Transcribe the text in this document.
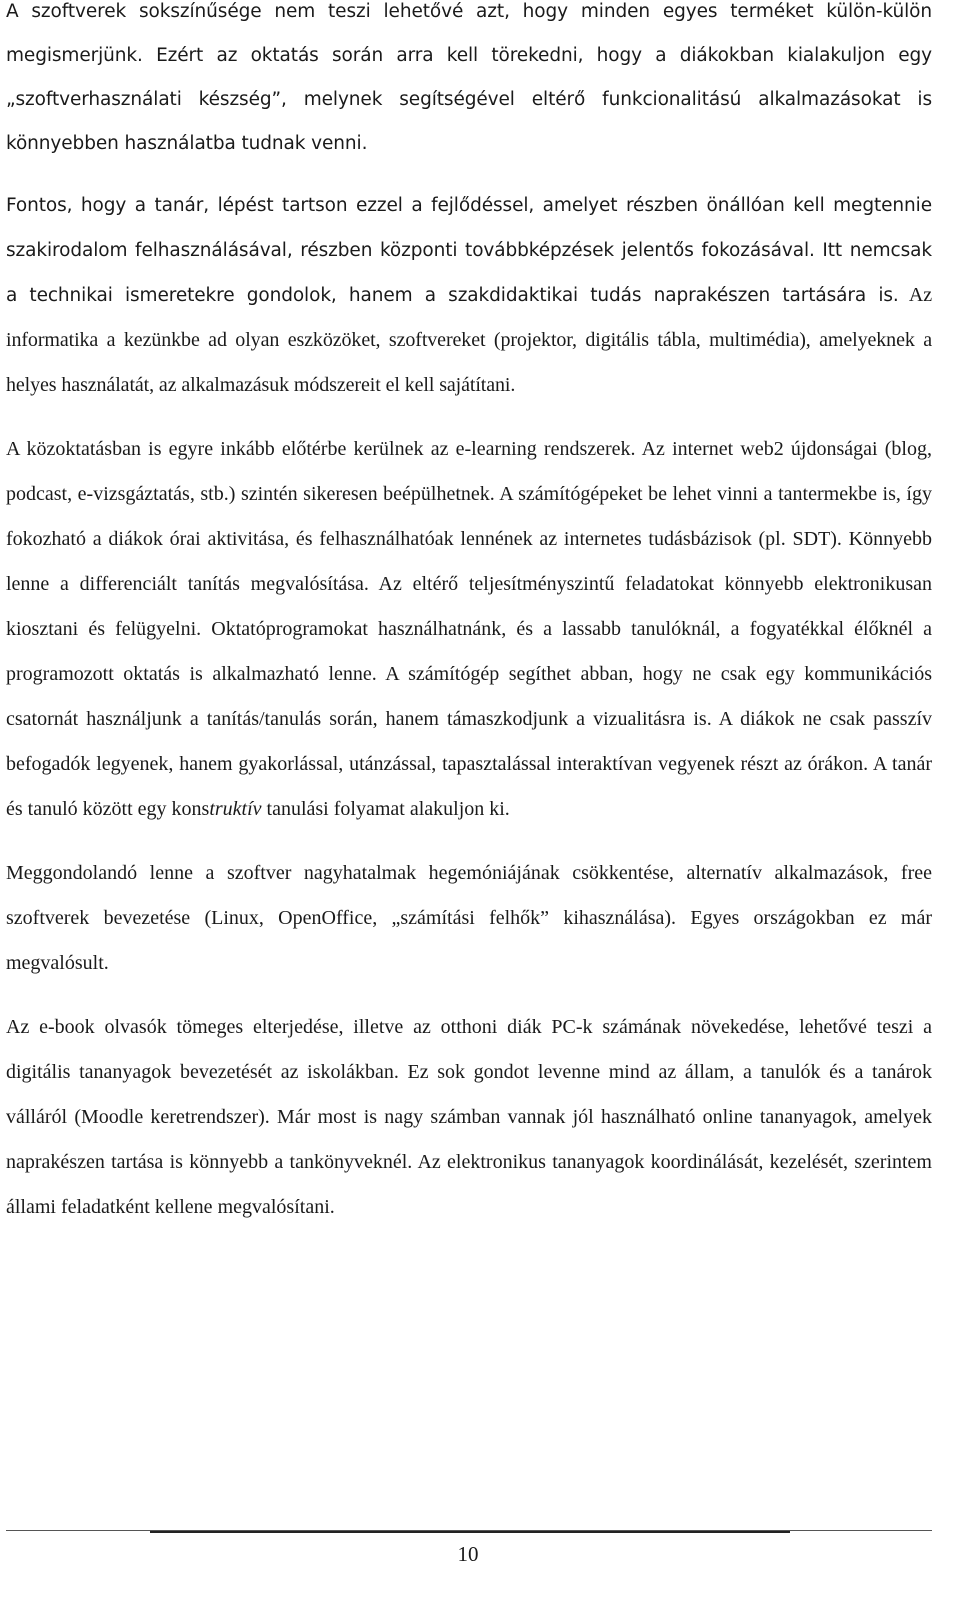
A szoftverek sokszínűsége nem teszi lehetővé azt, hogy minden egyes terméket külön-külön megismerjünk. Ezért az oktatás során arra kell törekedni, hogy a diákokban kialakuljon egy „szoftverhasználati készség”, melynek segítségével eltérő funkcionalitású alkalmazásokat is könnyebben használatba tudnak venni.

Fontos, hogy a tanár, lépést tartson ezzel a fejlődéssel, amelyet részben önállóan kell megtennie szakirodalom felhasználásával, részben központi továbbképzések jelentős fokozásával. Itt nemcsak a technikai ismeretekre gondolok, hanem a szakdidaktikai tudás naprakészen tartására is. Az informatika a kezünkbe ad olyan eszközöket, szoftvereket (projektor, digitális tábla, multimédia), amelyeknek a helyes használatát, az alkalmazásuk módszereit el kell sajátítani.

A közoktatásban is egyre inkább előtérbe kerülnek az e-learning rendszerek. Az internet web2 újdonságai (blog, podcast, e-vizsgáztatás, stb.) szintén sikeresen beépülhetnek. A számítógépeket be lehet vinni a tantermekbe is, így fokozható a diákok órai aktivitása, és felhasználhatóak lennének az internetes tudásbázisok (pl. SDT). Könnyebb lenne a differenciált tanítás megvalósítása. Az eltérő teljesítményszintű feladatokat könnyebb elektronikusan kiosztani és felügyelni. Oktatóprogramokat használhatnánk, és a lassabb tanulóknál, a fogyatékkal élőknél a programozott oktatás is alkalmazható lenne. A számítógép segíthet abban, hogy ne csak egy kommunikációs csatornát használjunk a tanítás/tanulás során, hanem támaszkodjunk a vizualitásra is. A diákok ne csak passzív befogadók legyenek, hanem gyakorlással, utánzással, tapasztalással interaktívan vegyenek részt az órákon. A tanár és tanuló között egy konstruktív tanulási folyamat alakuljon ki.

Meggondolandó lenne a szoftver nagyhatalmak hegemóniájának csökkentése, alternatív alkalmazások, free szoftverek bevezetése (Linux, OpenOffice, „számítási felhők” kihasználása). Egyes országokban ez már megvalósult.

Az e-book olvasók tömeges elterjedése, illetve az otthoni diák PC-k számának növekedése, lehetővé teszi a digitális tananyagok bevezetését az iskolákban. Ez sok gondot levenne mind az állam, a tanulók és a tanárok válláról (Moodle keretrendszer). Már most is nagy számban vannak jól használható online tananyagok, amelyek naprakészen tartása is könnyebb a tankönyveknél. Az elektronikus tananyagok koordinálását, kezelését, szerintem állami feladatként kellene megvalósítani.

10
